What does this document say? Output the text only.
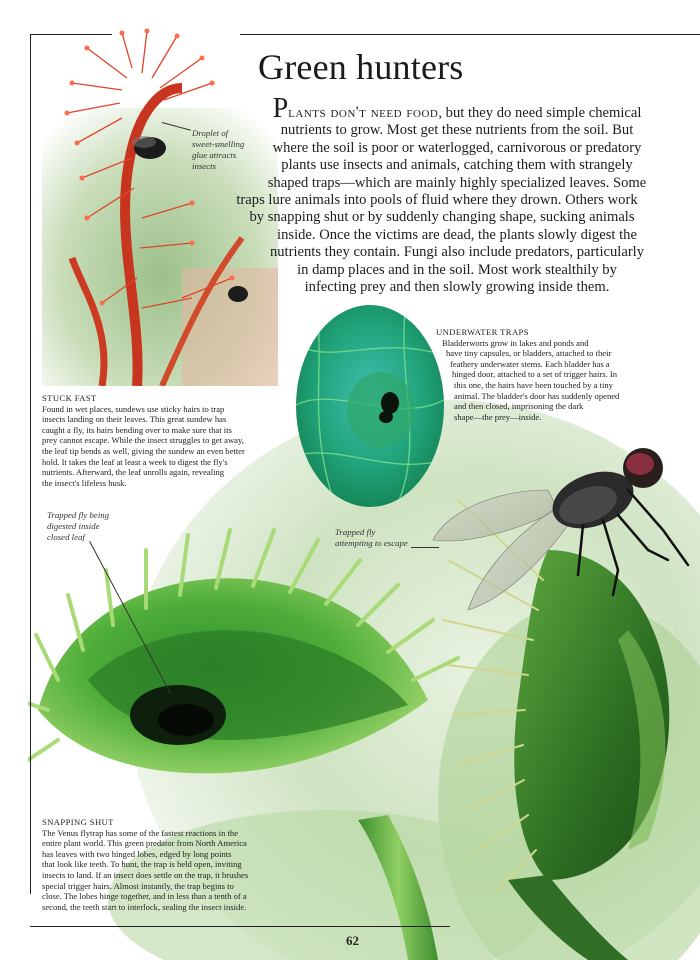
Green hunters
Plants don't need food, but they do need simple chemical
nutrients to grow. Most get these nutrients from the soil. But
where the soil is poor or waterlogged, carnivorous or predatory
plants use insects and animals, catching them with strangely
shaped traps—which are mainly highly specialized leaves. Some
traps lure animals into pools of fluid where they drown. Others work
by snapping shut or by suddenly changing shape, sucking animals
inside. Once the victims are dead, the plants slowly digest the
nutrients they contain. Fungi also include predators, particularly
in damp places and in the soil. Most work stealthily by
infecting prey and then slowly growing inside them.
Droplet of
sweet-smelling
glue attracts
insects
STUCK FAST
Found in wet places, sundews use sticky hairs to trap
insects landing on their leaves. This great sundew has
caught a fly, its hairs bending over to make sure that its
prey cannot escape. While the insect struggles to get away,
the leaf tip bends as well, giving the sundew an even better
hold. It takes the leaf at least a week to digest the fly's
nutrients. Afterward, the leaf unrolls again, revealing
the insect's lifeless husk.
UNDERWATER TRAPS
Bladderworts grow in lakes and ponds and
have tiny capsules, or bladders, attached to their
feathery underwater stems. Each bladder has a
hinged door, attached to a set of trigger hairs. In
this one, the hairs have been touched by a tiny
animal. The bladder's door has suddenly opened
and then closed, imprisoning the dark
shape—the prey—inside.
Trapped fly being
digested inside
closed leaf	Trapped fly
attempting to escape
SNAPPING SHUT
The Venus flytrap has some of the fastest reactions in the
entire plant world. This green predator from North America
has leaves with two hinged lobes, edged by long points
that look like teeth. To hunt, the trap is held open, inviting
insects to land. If an insect does settle on the trap, it brushes
special trigger hairs. Almost instantly, the trap begins to
close. The lobes hinge together, and in less than a tenth of a
second, the teeth start to interlock, sealing the insect inside.
62
